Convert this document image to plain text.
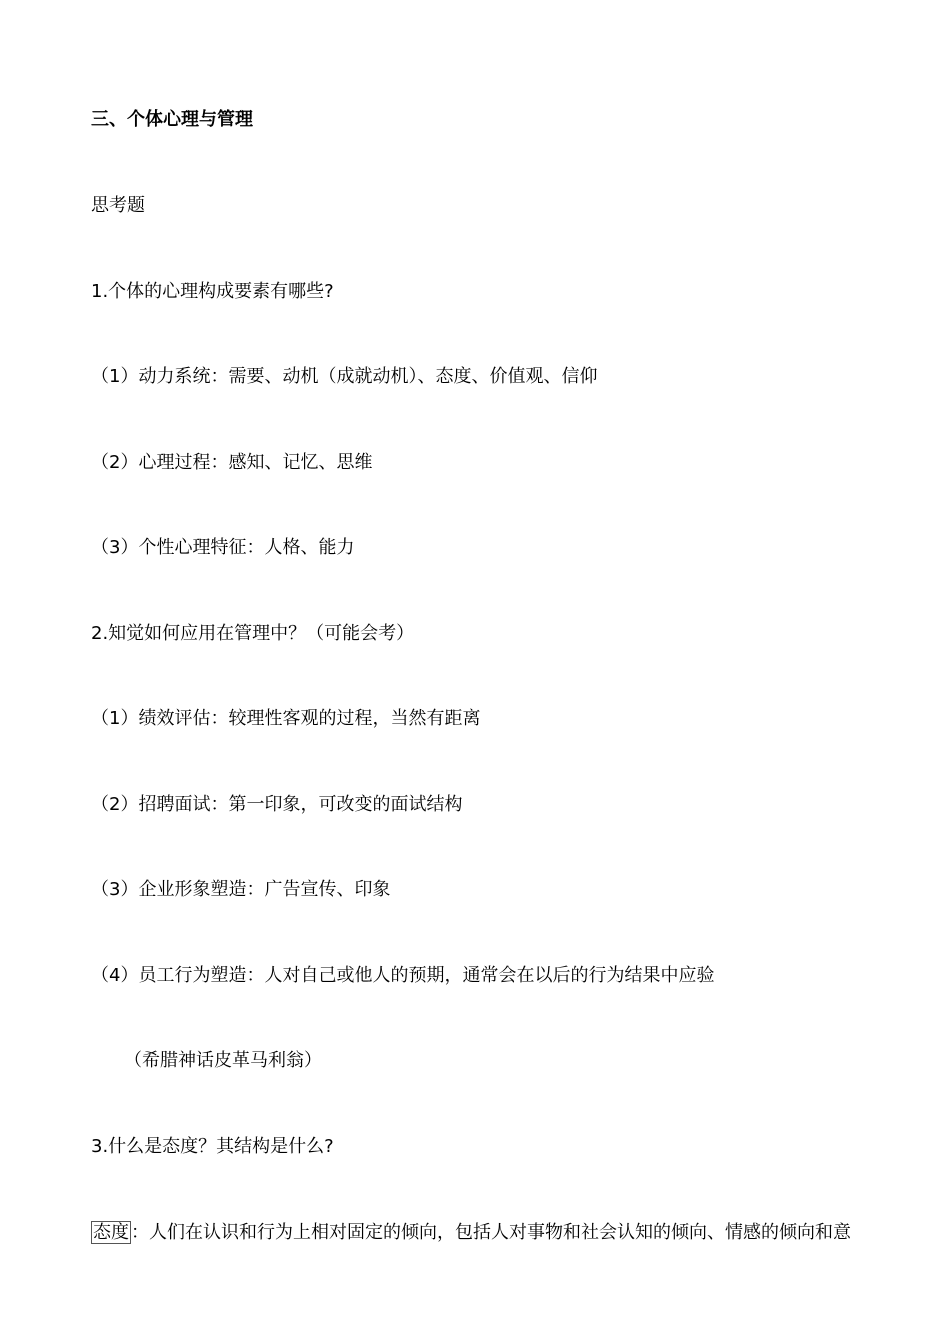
三、个体心理与管理
思考题
1.个体的心理构成要素有哪些?
（1）动力系统：需要、动机（成就动机）、态度、价值观、信仰
（2）心理过程：感知、记忆、思维
（3）个性心理特征：人格、能力
2.知觉如何应用在管理中？（可能会考）
（1）绩效评估：较理性客观的过程，当然有距离
（2）招聘面试：第一印象，可改变的面试结构
（3）企业形象塑造：广告宣传、印象
（4）员工行为塑造：人对自己或他人的预期，通常会在以后的行为结果中应验
（希腊神话皮革马利翁）
3.什么是态度？其结构是什么?
态度 ：人们在认识和行为上相对固定的倾向，包括人对事物和社会认知的倾向、情感的倾向和意
